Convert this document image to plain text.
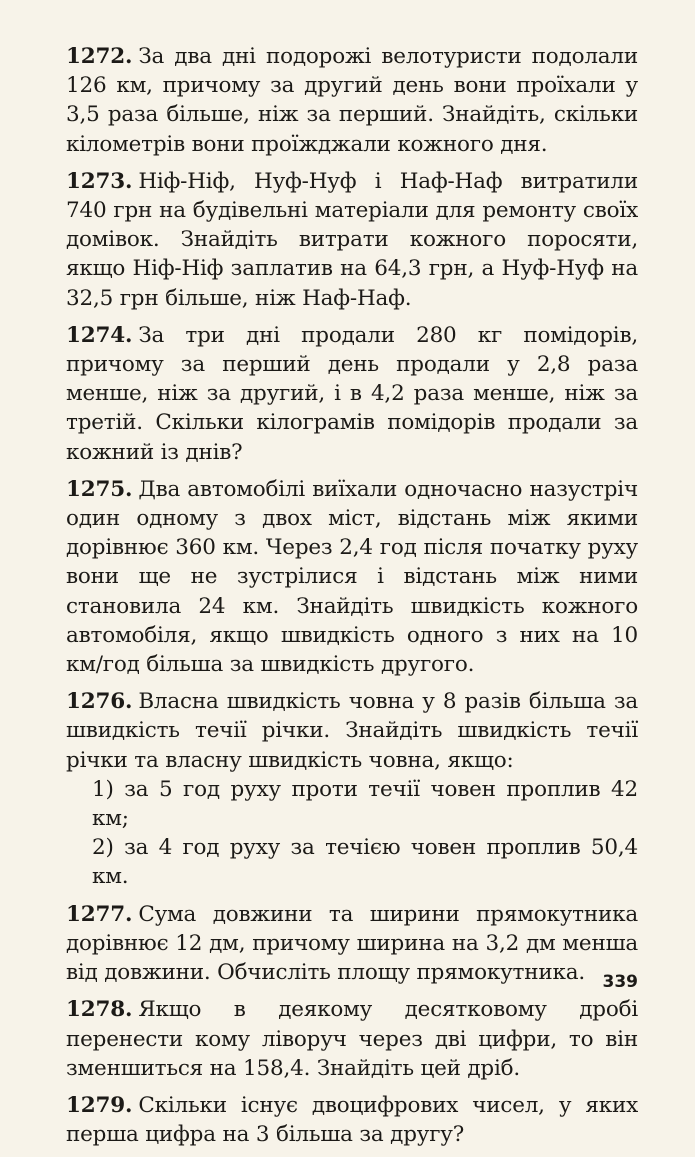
1272. За два дні подорожі велотуристи подолали 126 км, причому за другий день вони проїхали у 3,5 раза більше, ніж за перший. Знайдіть, скільки кілометрів вони проїжджали кожного дня.

1273. Ніф-Ніф, Нуф-Нуф і Наф-Наф витратили 740 грн на будівельні матеріали для ремонту своїх домівок. Знайдіть витрати кожного поросяти, якщо Ніф-Ніф заплатив на 64,3 грн, а Нуф-Нуф на 32,5 грн більше, ніж Наф-Наф.

1274. За три дні продали 280 кг помідорів, причому за перший день продали у 2,8 раза менше, ніж за другий, і в 4,2 раза менше, ніж за третій. Скільки кілограмів помідорів продали за кожний із днів?

1275. Два автомобілі виїхали одночасно назустріч один одному з двох міст, відстань між якими дорівнює 360 км. Через 2,4 год після початку руху вони ще не зустрілися і відстань між ними становила 24 км. Знайдіть швидкість кожного автомобіля, якщо швидкість одного з них на 10 км/год більша за швидкість другого.

1276. Власна швидкість човна у 8 разів більша за швидкість течії річки. Знайдіть швидкість течії річки та власну швидкість човна, якщо:
1) за 5 год руху проти течії човен проплив 42 км;
2) за 4 год руху за течією човен проплив 50,4 км.

1277. Сума довжини та ширини прямокутника дорівнює 12 дм, причому ширина на 3,2 дм менша від довжини. Обчисліть площу прямокутника.

1278. Якщо в деякому десятковому дробі перенести кому ліворуч через дві цифри, то він зменшиться на 158,4. Знайдіть цей дріб.

1279. Скільки існує двоцифрових чисел, у яких перша цифра на 3 більша за другу?

339
